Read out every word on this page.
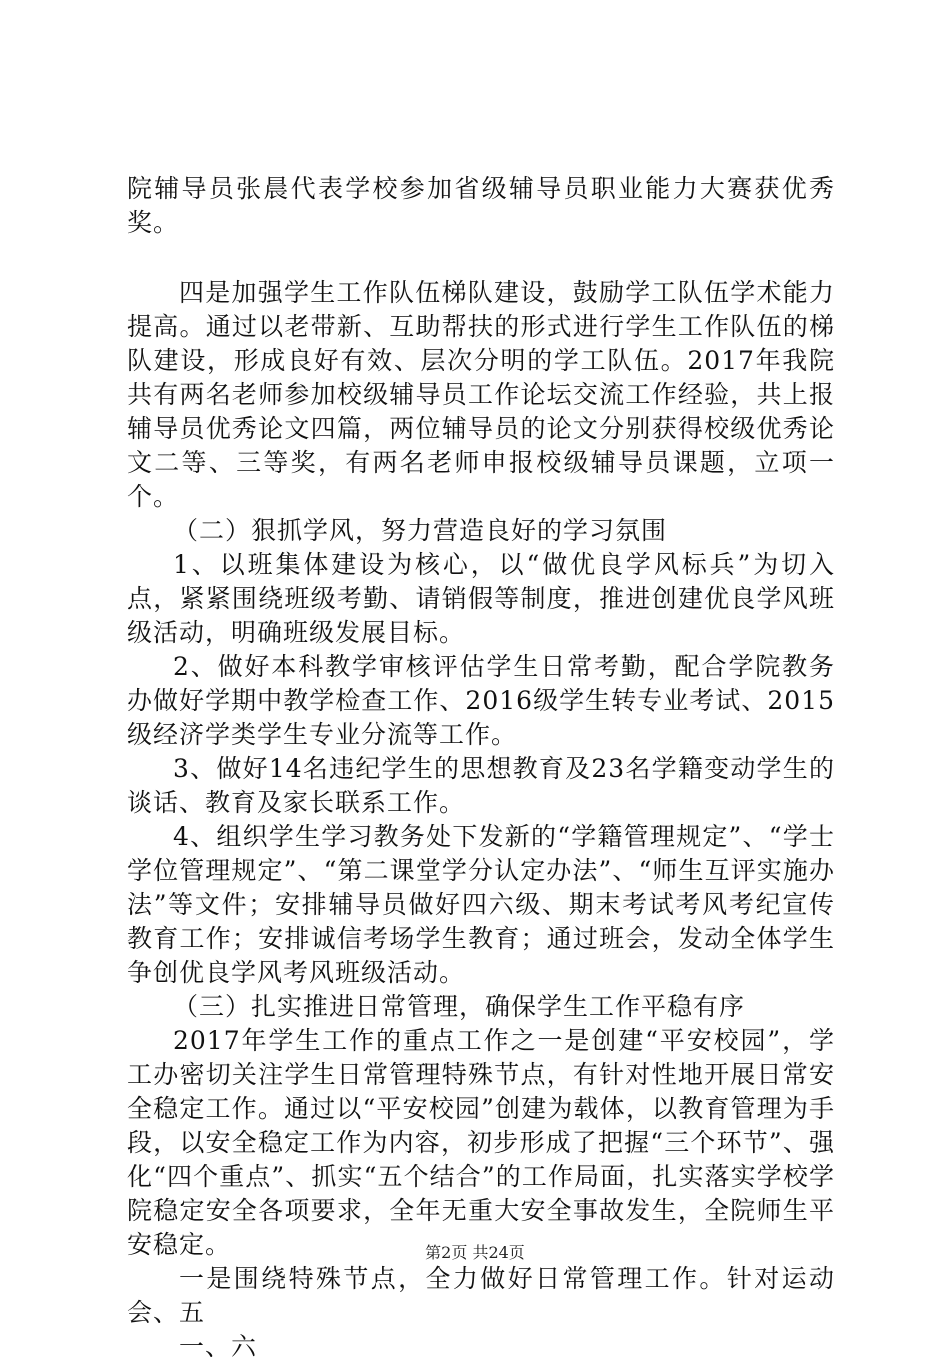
院辅导员张晨代表学校参加省级辅导员职业能力大赛获优秀奖。

四是加强学生工作队伍梯队建设，鼓励学工队伍学术能力提高。通过以老带新、互助帮扶的形式进行学生工作队伍的梯队建设，形成良好有效、层次分明的学工队伍。2017年我院共有两名老师参加校级辅导员工作论坛交流工作经验，共上报辅导员优秀论文四篇，两位辅导员的论文分别获得校级优秀论文二等、三等奖，有两名老师申报校级辅导员课题，立项一个。

（二）狠抓学风，努力营造良好的学习氛围

1、以班集体建设为核心，以“做优良学风标兵”为切入点，紧紧围绕班级考勤、请销假等制度，推进创建优良学风班级活动，明确班级发展目标。

2、做好本科教学审核评估学生日常考勤，配合学院教务办做好学期中教学检查工作、2016级学生转专业考试、2015级经济学类学生专业分流等工作。

3、做好14名违纪学生的思想教育及23名学籍变动学生的谈话、教育及家长联系工作。

4、组织学生学习教务处下发新的“学籍管理规定”、“学士学位管理规定”、“第二课堂学分认定办法”、“师生互评实施办法”等文件；安排辅导员做好四六级、期末考试考风考纪宣传教育工作；安排诚信考场学生教育；通过班会，发动全体学生争创优良学风考风班级活动。

（三）扎实推进日常管理，确保学生工作平稳有序

2017年学生工作的重点工作之一是创建“平安校园”，学工办密切关注学生日常管理特殊节点，有针对性地开展日常安全稳定工作。通过以“平安校园”创建为载体，以教育管理为手段，以安全稳定工作为内容，初步形成了把握“三个环节”、强化“四个重点”、抓实“五个结合”的工作局面，扎实落实学校学院稳定安全各项要求，全年无重大安全事故发生，全院师生平安稳定。

一是围绕特殊节点，全力做好日常管理工作。针对运动会、五

一、六

第2页 共24页
